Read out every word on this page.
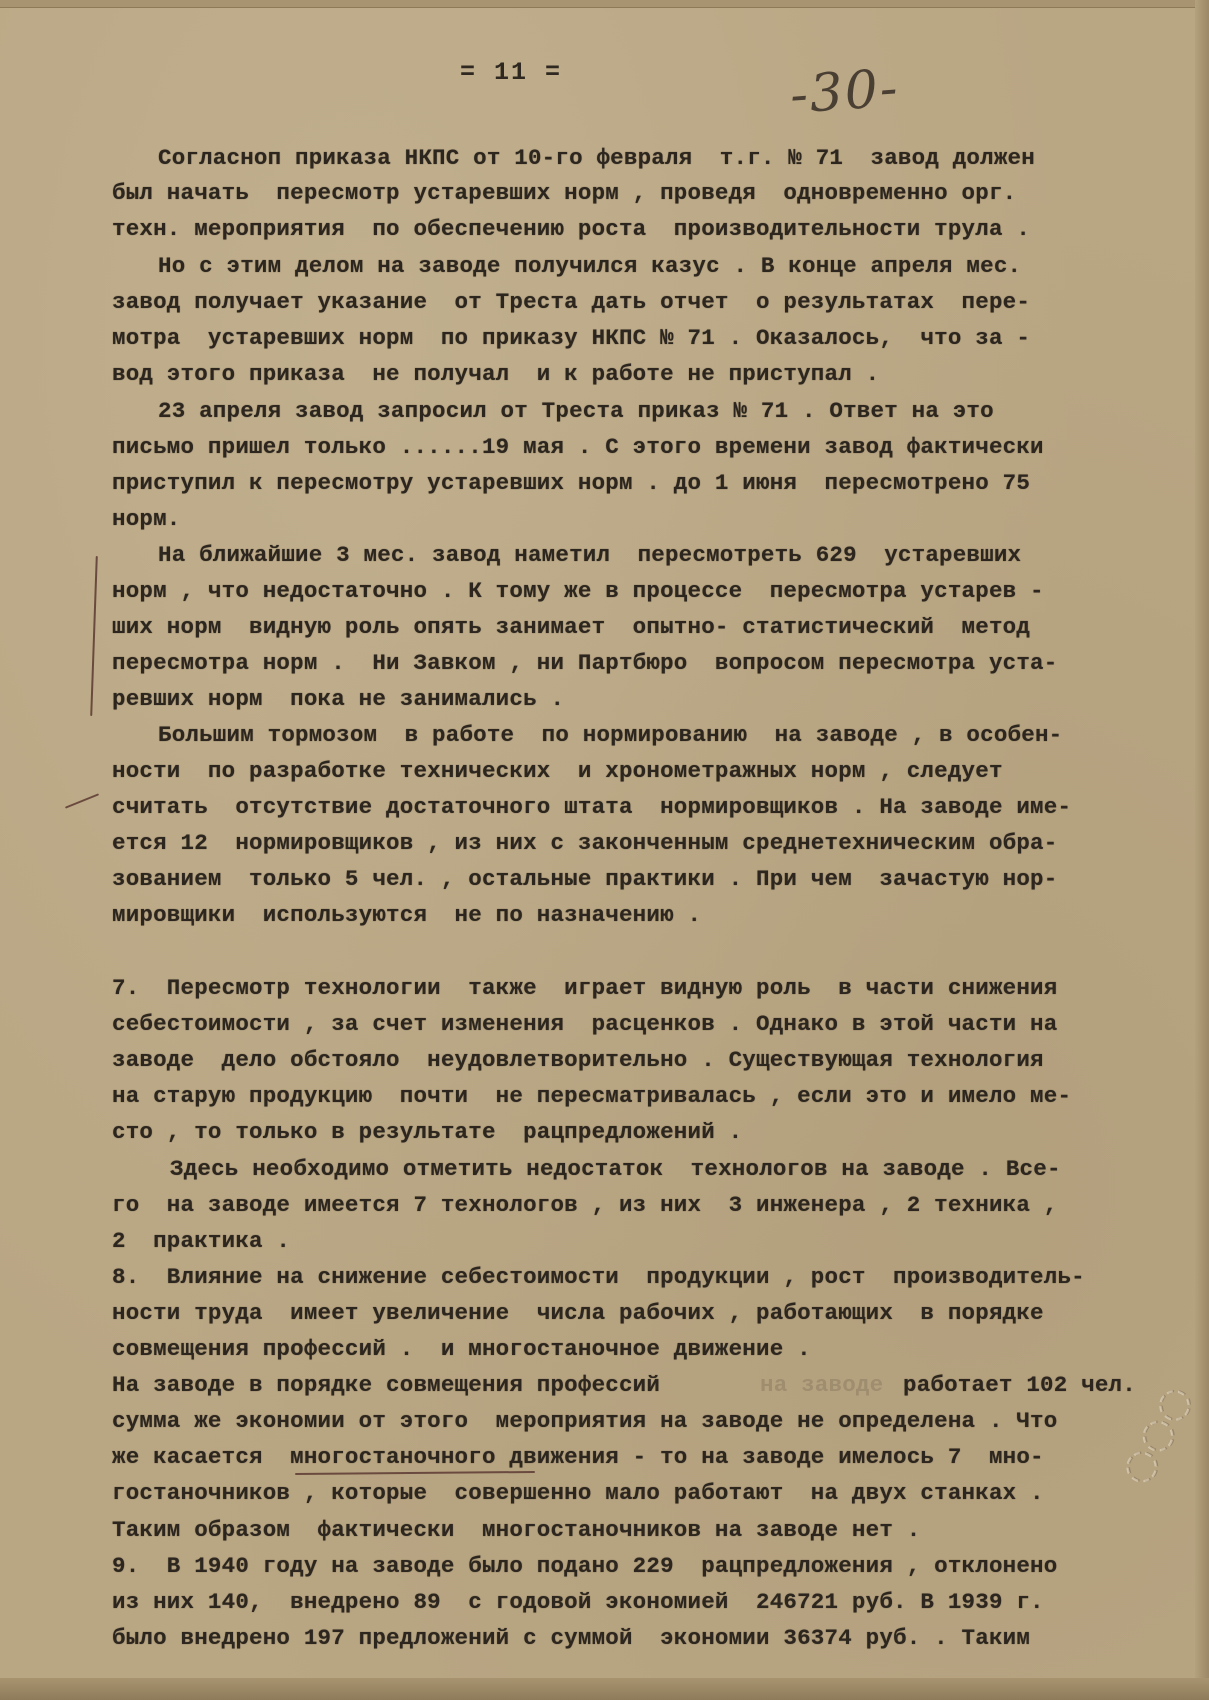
= 11 =	-30-
Согласноп приказа НКПС от 10-го февраля  т.г. № 71  завод должен
был начать  пересмотр устаревших норм , проведя  одновременно орг.
техн. мероприятия  по обеспечению роста  производительности трула .
Но с этим делом на заводе получился казус . В конце апреля мес.
завод получает указание  от Треста дать отчет  о результатах  пере-
мотра  устаревших норм  по приказу НКПС № 71 . Оказалось,  что за -
вод этого приказа  не получал  и к работе не приступал .
23 апреля завод запросил от Треста приказ № 71 . Ответ на это
письмо пришел только ......19 мая . С этого времени завод фактически
приступил к пересмотру устаревших норм . до 1 июня  пересмотрено 75
норм.
На ближайшие 3 мес. завод наметил  пересмотреть 629  устаревших
норм , что недостаточно . К тому же в процессе  пересмотра устарев -
ших норм  видную роль опять занимает  опытно- статистический  метод
пересмотра норм .  Ни Завком , ни Партбюро  вопросом пересмотра уста-
ревших норм  пока не занимались .
Большим тормозом  в работе  по нормированию  на заводе , в особен-
ности  по разработке технических  и хронометражных норм , следует
считать  отсутствие достаточного штата  нормировщиков . На заводе име-
ется 12  нормировщиков , из них с законченным среднетехническим обра-
зованием  только 5 чел. , остальные практики . При чем  зачастую нор-
мировщики  используются  не по назначению .
7.  Пересмотр технологии  также  играет видную роль  в части снижения
себестоимости , за счет изменения  расценков . Однако в этой части на
заводе  дело обстояло  неудовлетворительно . Существующая технология
на старую продукцию  почти  не пересматривалась , если это и имело ме-
сто , то только в результате  рацпредложений .
Здесь необходимо отметить недостаток  технологов на заводе . Все-
го  на заводе имеется 7 технологов , из них  3 инженера , 2 техника ,
2  практика .
8.  Влияние на снижение себестоимости  продукции , рост  производитель-
ности труда  имеет увеличение  числа рабочих , работающих  в порядке
совмещения профессий .  и многостаночное движение .
На заводе в порядке совмещения профессий	на заводе работает 102 чел.
сумма же экономии от этого  мероприятия на заводе не определена . Что
же касается  многостаночного движения - то на заводе имелось 7  мно-
гостаночников , которые  совершенно мало работают  на двух станках .
Таким образом  фактически  многостаночников на заводе нет .
9.  В 1940 году на заводе было подано 229  рацпредложения , отклонено
из них 140,  внедрено 89  с годовой экономией  246721 руб. В 1939 г.
было внедрено 197 предложений с суммой  экономии 36374 руб. . Таким
◌◌◌
